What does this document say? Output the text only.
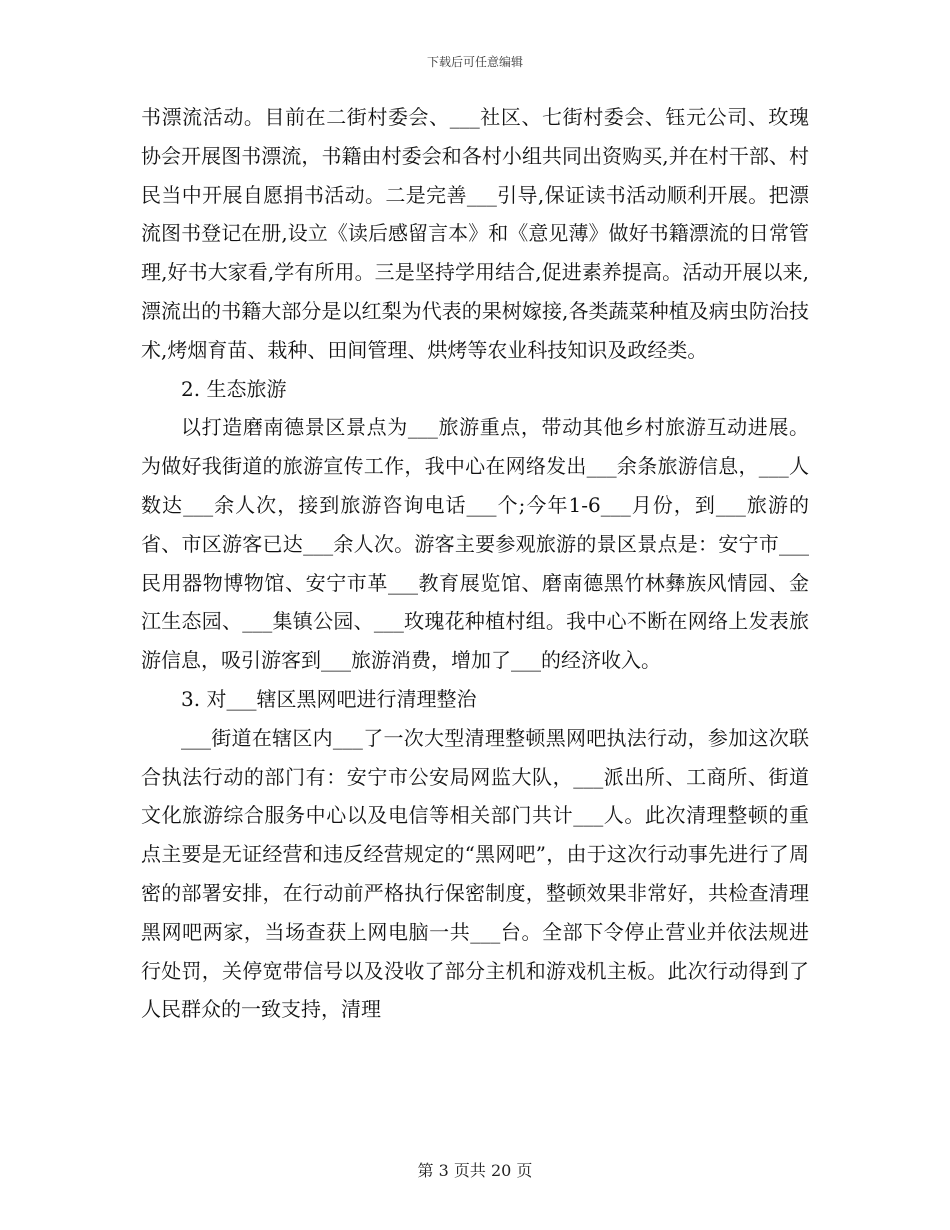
下载后可任意编辑

书漂流活动。目前在二街村委会、___社区、七街村委会、钰元公司、玫瑰协会开展图书漂流，书籍由村委会和各村小组共同出资购买,并在村干部、村民当中开展自愿捐书活动。二是完善___引导,保证读书活动顺利开展。把漂流图书登记在册,设立《读后感留言本》和《意见薄》做好书籍漂流的日常管理,好书大家看,学有所用。三是坚持学用结合,促进素养提高。活动开展以来,漂流出的书籍大部分是以红梨为代表的果树嫁接,各类蔬菜种植及病虫防治技术,烤烟育苗、栽种、田间管理、烘烤等农业科技知识及政经类。

2. 生态旅游

以打造磨南德景区景点为___旅游重点，带动其他乡村旅游互动进展。为做好我街道的旅游宣传工作，我中心在网络发出___余条旅游信息，___人数达___余人次，接到旅游咨询电话___个;今年1-6___月份，到___旅游的省、市区游客已达___余人次。游客主要参观旅游的景区景点是：安宁市___民用器物博物馆、安宁市革___教育展览馆、磨南德黑竹林彝族风情园、金江生态园、___集镇公园、___玫瑰花种植村组。我中心不断在网络上发表旅游信息，吸引游客到___旅游消费，增加了___的经济收入。

3. 对___辖区黑网吧进行清理整治

___街道在辖区内___了一次大型清理整顿黑网吧执法行动，参加这次联合执法行动的部门有：安宁市公安局网监大队，___派出所、工商所、街道文化旅游综合服务中心以及电信等相关部门共计___人。此次清理整顿的重点主要是无证经营和违反经营规定的“黑网吧”，由于这次行动事先进行了周密的部署安排，在行动前严格执行保密制度，整顿效果非常好，共检查清理黑网吧两家，当场查获上网电脑一共___台。全部下令停止营业并依法规进行处罚，关停宽带信号以及没收了部分主机和游戏机主板。此次行动得到了人民群众的一致支持，清理

第 3 页共 20 页
